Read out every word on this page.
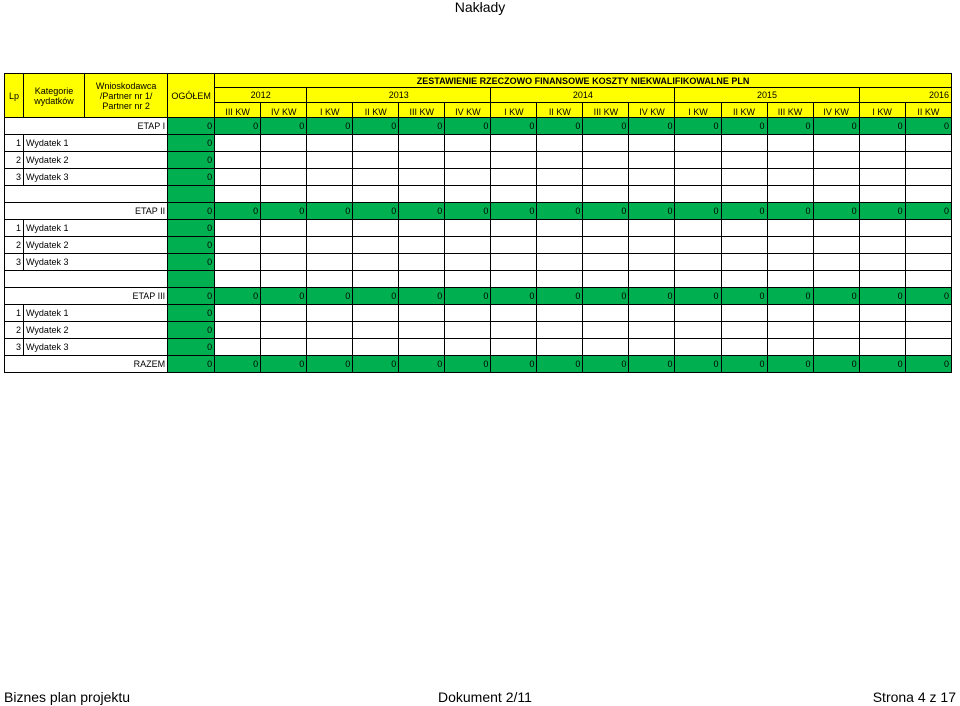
Nakłady
Lp	Kategorie wydatków	Wnioskodawca /Partner nr 1/ Partner nr 2	OGÓŁEM	ZESTAWIENIE RZECZOWO FINANSOWE KOSZTY NIEKWALIFIKOWALNE PLN															
				2012		2013				2014				2015				2016	
				III KW	IV KW	I KW	II KW	III KW	IV KW	I KW	II KW	III KW	IV KW	I KW	II KW	III KW	IV KW	I KW	II KW
ETAP I			0	0	0	0	0	0	0	0	0	0	0	0	0	0	0	0	0
1	Wydatek 1		0																
2	Wydatek 2		0																
3	Wydatek 3		0																

ETAP II			0	0	0	0	0	0	0	0	0	0	0	0	0	0	0	0	0
1	Wydatek 1		0																
2	Wydatek 2		0																
3	Wydatek 3		0																

ETAP III			0	0	0	0	0	0	0	0	0	0	0	0	0	0	0	0	0
1	Wydatek 1		0																
2	Wydatek 2		0																
3	Wydatek 3		0																
RAZEM			0	0	0	0	0	0	0	0	0	0	0	0	0	0	0	0	0
Biznes plan projektu	Dokument 2/11	Strona 4 z 17
